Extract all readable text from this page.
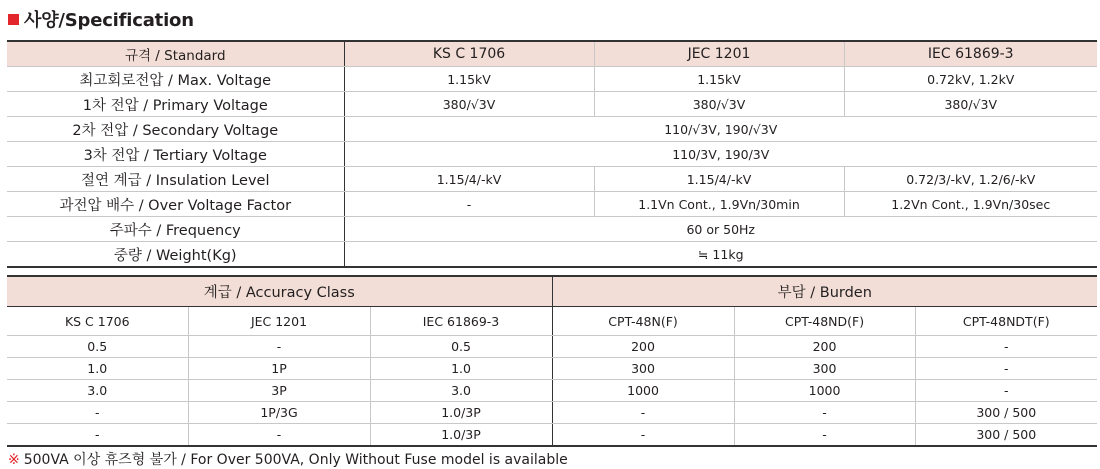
사양/Specification
규격 / Standard	KS C 1706	JEC 1201	IEC 61869-3
최고회로전압 / Max. Voltage	1.15kV	1.15kV	0.72kV, 1.2kV
1차 전압 / Primary Voltage	380/√3V	380/√3V	380/√3V
2차 전압 / Secondary Voltage	110/√3V, 190/√3V		
3차 전압 / Tertiary Voltage	110/3V, 190/3V		
절연 계급 / Insulation Level	1.15/4/-kV	1.15/4/-kV	0.72/3/-kV, 1.2/6/-kV
과전압 배수 / Over Voltage Factor	-	1.1Vn Cont., 1.9Vn/30min	1.2Vn Cont., 1.9Vn/30sec
주파수 / Frequency	60 or 50Hz		
중량 / Weight(Kg)	≒ 11kg		
계급 / Accuracy Class			부담 / Burden		
KS C 1706	JEC 1201	IEC 61869-3	CPT-48N(F)	CPT-48ND(F)	CPT-48NDT(F)
0.5	-	0.5	200	200	-
1.0	1P	1.0	300	300	-
3.0	3P	3.0	1000	1000	-
-	1P/3G	1.0/3P	-	-	300 / 500
-	-	1.0/3P	-	-	300 / 500
※ 500VA 이상 휴즈형 불가 / For Over 500VA, Only Without Fuse model is available
